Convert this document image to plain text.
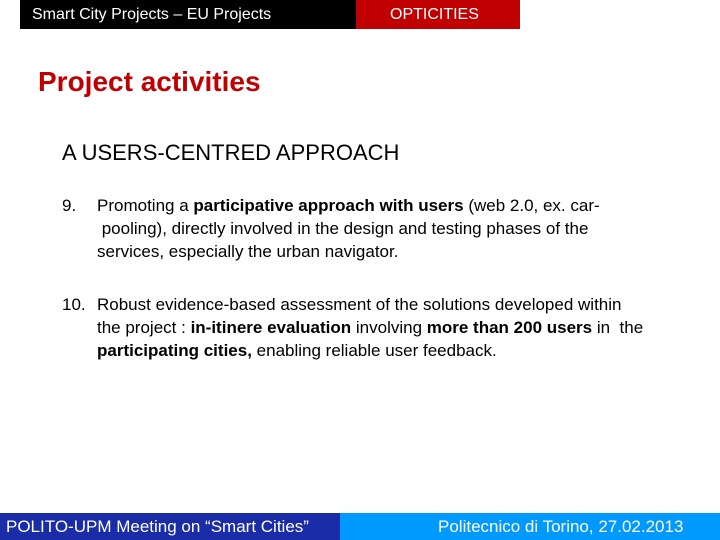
Smart City Projects – EU Projects	OPTICITIES
Project activities
A USERS-CENTRED APPROACH
9. Promoting a participative approach with users (web 2.0, ex. car-
pooling), directly involved in the design and testing phases of the
services, especially the urban navigator.
10. Robust evidence-based assessment of the solutions developed within
the project : in-itinere evaluation involving more than 200 users in  the
participating cities, enabling reliable user feedback.
POLITO-UPM Meeting on “Smart Cities”	Politecnico di Torino, 27.02.2013
